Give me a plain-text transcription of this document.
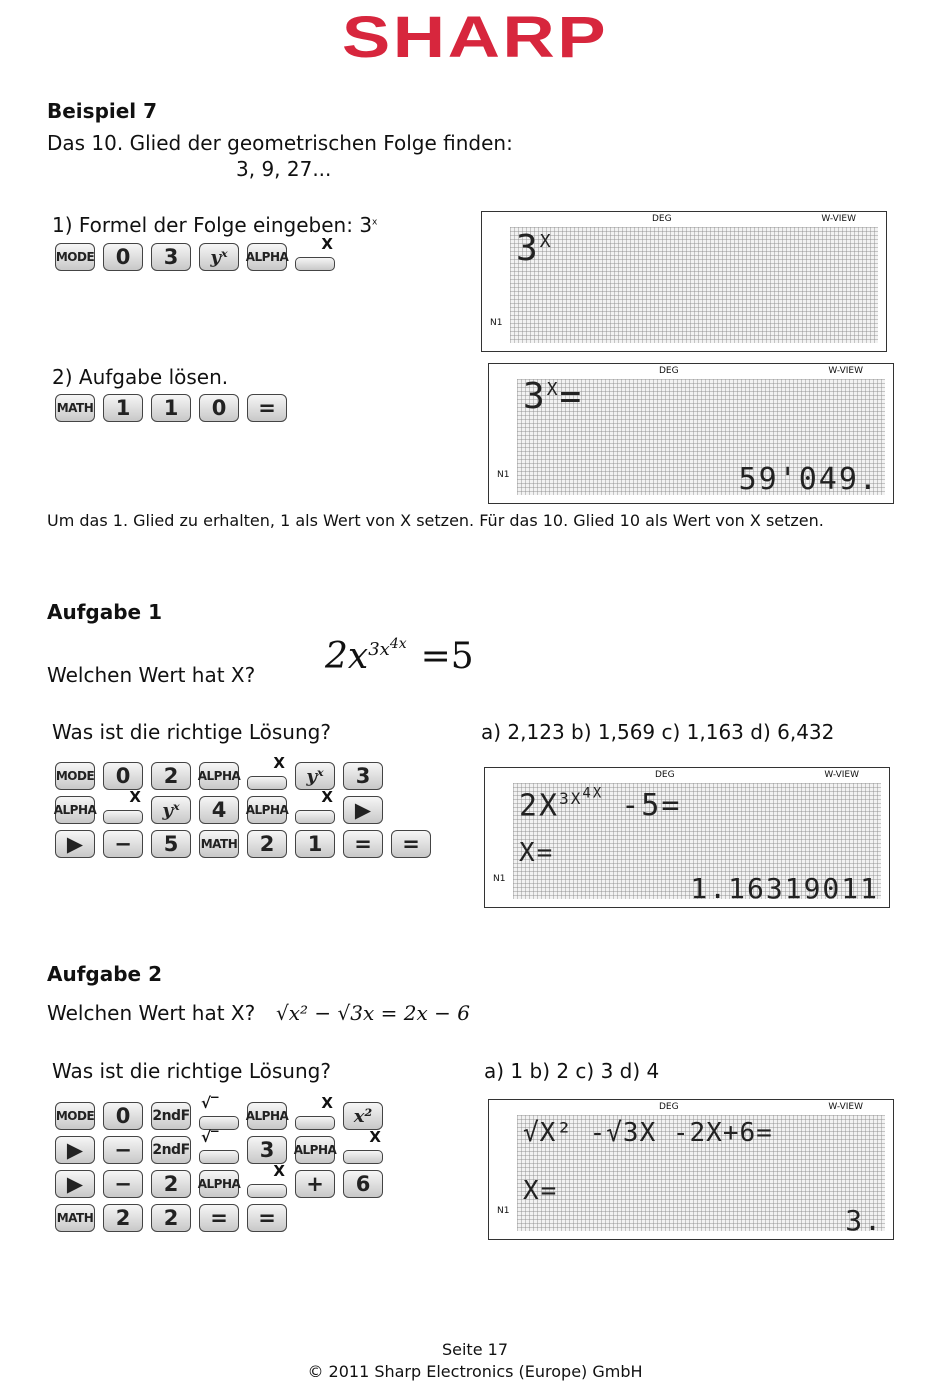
SHARP
Beispiel 7
Das 10. Glied der geometrischen Folge finden:
3, 9, 27...
1) Formel der Folge eingeben: 3$^x$
MODE	0	3	yˣ	ALPHA
X
DEG	W-VIEW
N1
$3^X$
2) Aufgabe lösen.
MATH	1	1	0	=
DEG	W-VIEW
N1
$3^X=$
59'049.
Um das 1. Glied zu erhalten, 1 als Wert von X setzen. Für das 10. Glied 10 als Wert von X setzen.
Aufgabe 1
Welchen Wert hat X? $2x^{3x^{4x}} =5$
Was ist die richtige Lösung?	a) 2,123 b) 1,569 c) 1,163 d) 6,432
MODE	0	2	ALPHA
X
yˣ	3
ALPHA
X
yˣ	4	ALPHA
X
▶
▶	−	5	MATH	2	1	=	=
DEG	W-VIEW
N1
$2X^{3X^{4X}}$ -5=
X=
1.16319011
Aufgabe 2
Welchen Wert hat X? √x² − √3x = 2x − 6
Was ist die richtige Lösung?	a) 1 b) 2 c) 3 d) 4
MODE	0	2ndF
√‾
ALPHA
X
x²
▶	−	2ndF
√‾
3	ALPHA
X
▶	−	2	ALPHA
X
+	6
MATH	2	2	=	=
DEG	W-VIEW
N1
√X² -√3X -2X+6=
X=
3.
Seite 17
© 2011 Sharp Electronics (Europe) GmbH
